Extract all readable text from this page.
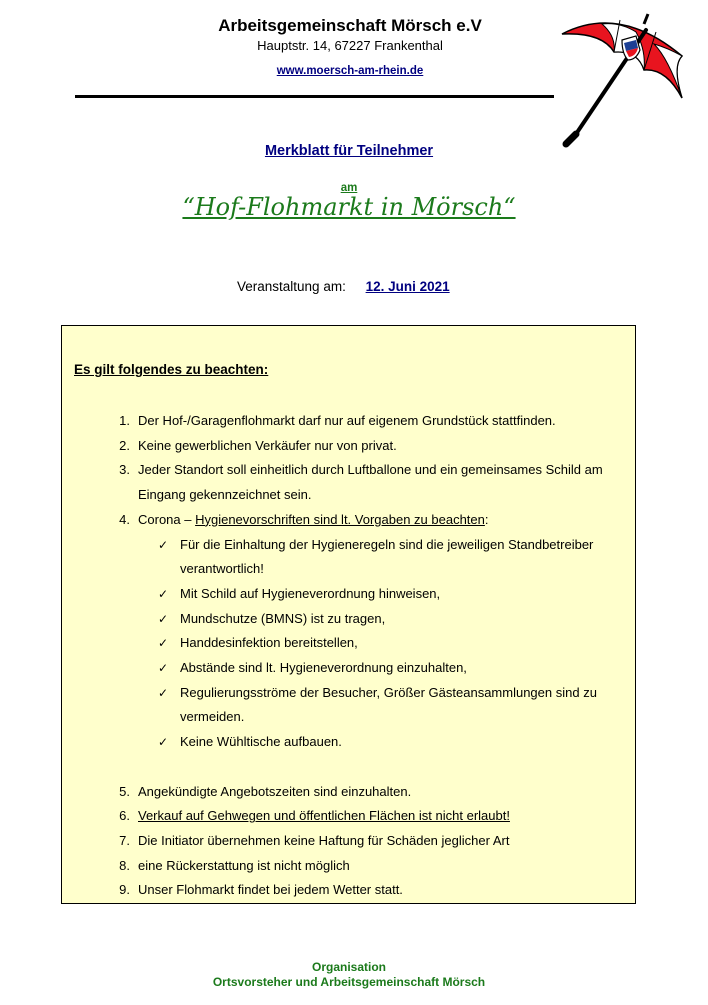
Arbeitsgemeinschaft Mörsch e.V
Hauptstr. 14, 67227 Frankenthal
www.moersch-am-rhein.de
Merkblatt für Teilnehmer
am
“Hof-Flohmarkt in Mörsch“
Veranstaltung am: 12. Juni 2021
Es gilt folgendes zu beachten:
1. Der Hof-/Garagenflohmarkt darf nur auf eigenem Grundstück stattfinden.
2. Keine gewerblichen Verkäufer nur von privat.
3. Jeder Standort soll einheitlich durch Luftballone und ein gemeinsames Schild am Eingang gekennzeichnet sein.
4. Corona – Hygienevorschriften sind lt. Vorgaben zu beachten:
✓ Für die Einhaltung der Hygieneregeln sind die jeweiligen Standbetreiber verantwortlich!
✓ Mit Schild auf Hygieneverordnung hinweisen,
✓ Mundschutze (BMNS) ist zu tragen,
✓ Handdesinfektion bereitstellen,
✓ Abstände sind lt. Hygieneverordnung einzuhalten,
✓ Regulierungsströme der Besucher, Größer Gästeansammlungen sind zu vermeiden.
✓ Keine Wühltische aufbauen.
5. Angekündigte Angebotszeiten sind einzuhalten.
6. Verkauf auf Gehwegen und öffentlichen Flächen ist nicht erlaubt!
7. Die Initiator übernehmen keine Haftung für Schäden jeglicher Art
8. eine Rückerstattung ist nicht möglich
9. Unser Flohmarkt findet bei jedem Wetter statt.
Organisation
Ortsvorsteher und Arbeitsgemeinschaft Mörsch
